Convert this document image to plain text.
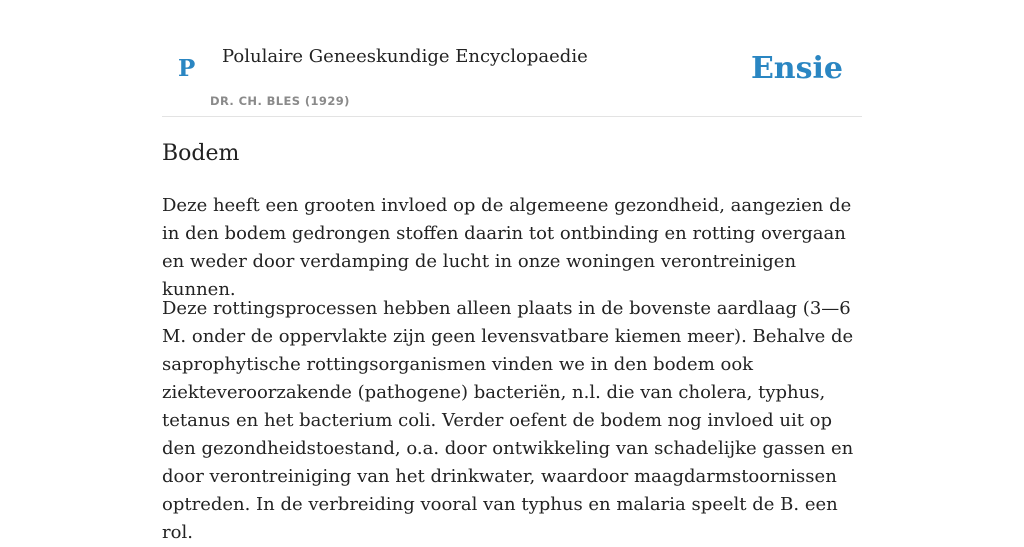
P Polulaire Geneeskundige Encyclopaedie
DR. CH. BLES (1929)
Ensie
Bodem

Deze heeft een grooten invloed op de algemeene gezondheid, aangezien de in den bodem gedrongen stoffen daarin tot ontbinding en rotting overgaan en weder door verdamping de lucht in onze woningen verontreinigen kunnen.

Deze rottingsprocessen hebben alleen plaats in de bovenste aardlaag (3—6 M. onder de oppervlakte zijn geen levensvatbare kiemen meer). Behalve de saprophytische rottingsorganismen vinden we in den bodem ook ziekteveroorzakende (pathogene) bacteriën, n.l. die van cholera, typhus, tetanus en het bacterium coli. Verder oefent de bodem nog invloed uit op den gezondheidstoestand, o.a. door ontwikkeling van schadelijke gassen en door verontreiniging van het drinkwater, waardoor maagdarmstoornissen optreden. In de verbreiding vooral van typhus en malaria speelt de B. een rol.
